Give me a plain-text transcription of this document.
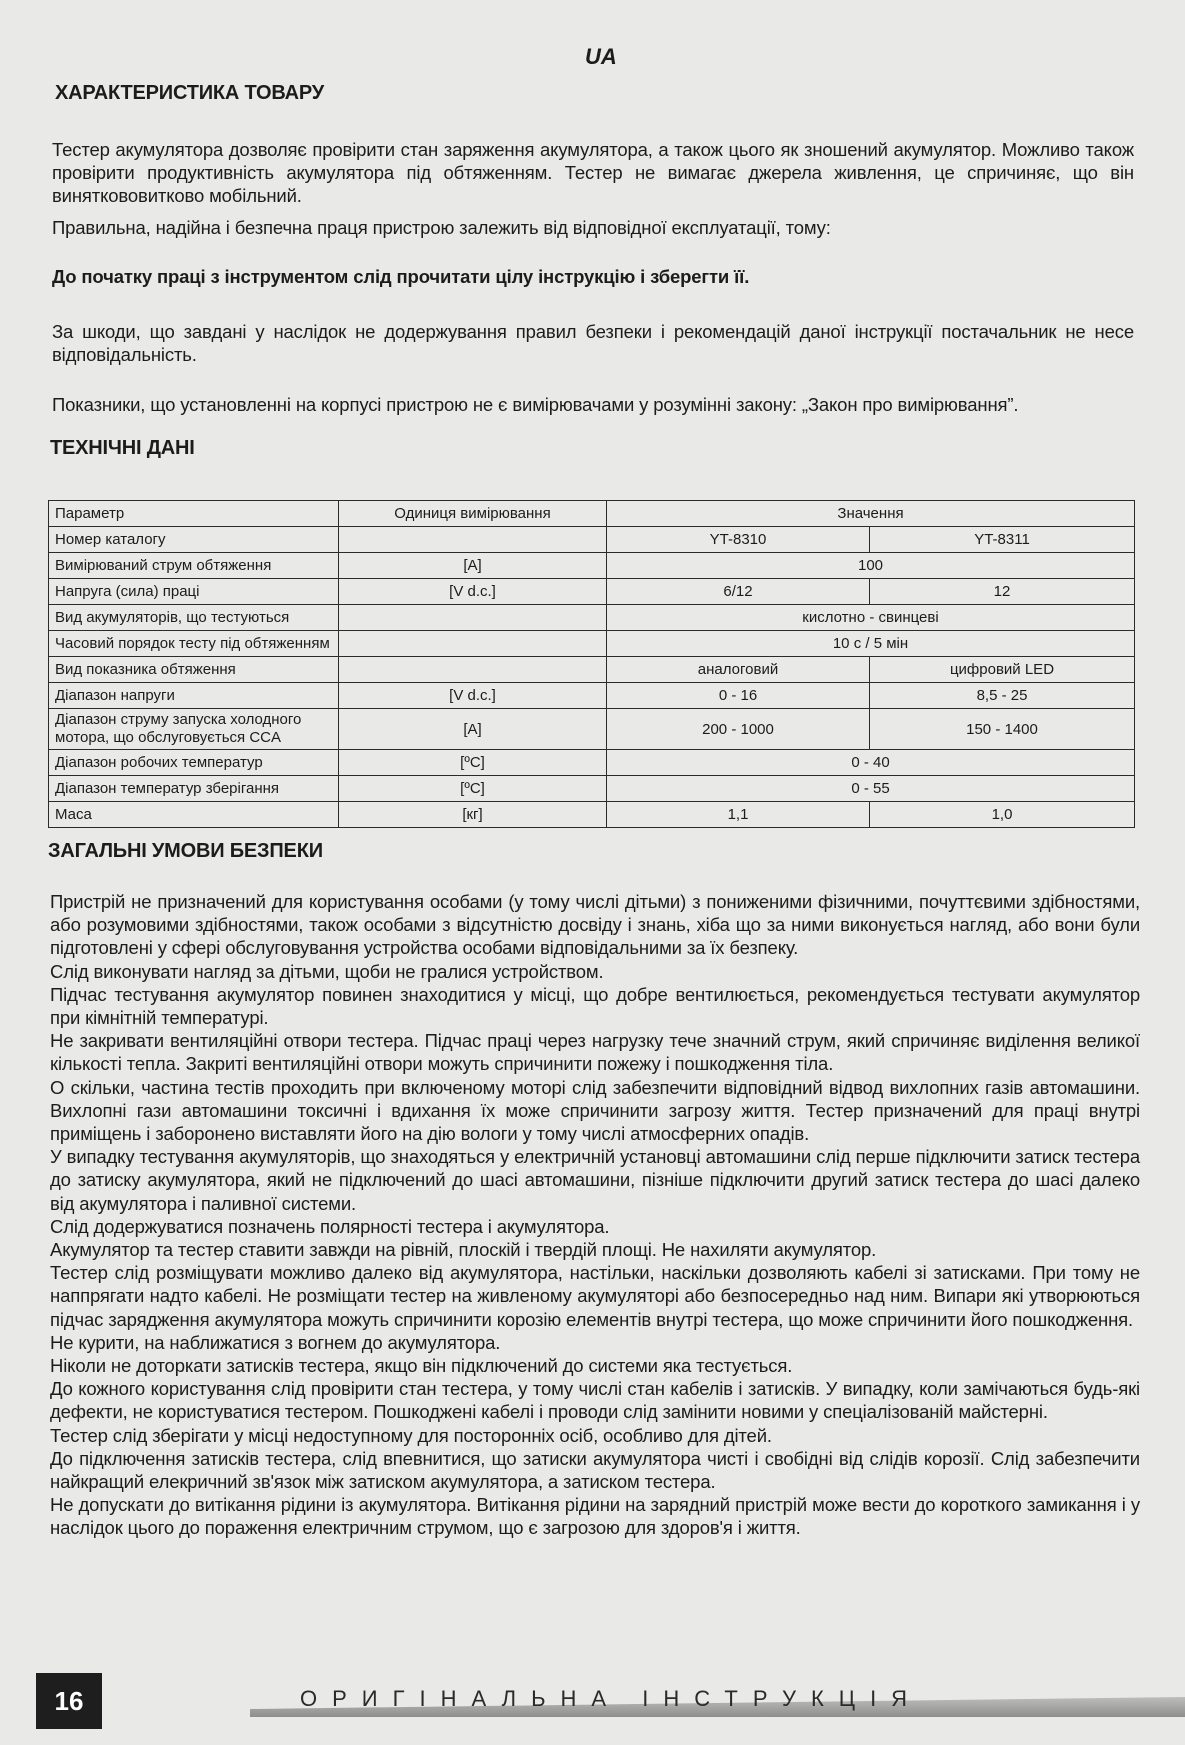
UA
ХАРАКТЕРИСТИКА ТОВАРУ

Тестер акумулятора дозволяє провірити стан заряження акумулятора, а також цього як зношений акумулятор. Можливо також провірити продуктивність акумулятора під обтяженням. Тестер не вимагає джерела живлення, це спричиняє, що він виняткововитково мобільний.

Правильна, надійна і безпечна праця пристрою залежить від відповідної експлуатації, тому:

До початку праці з інструментом слід прочитати цілу інструкцію і зберегти її.

За шкоди, що завдані у наслідок не додержування правил безпеки і рекомендацій даної інструкції постачальник не несе відповідальність.

Показники, що установленні на корпусі пристрою не є вимірювачами у розумінні закону: „Закон про вимірювання”.

ТЕХНІЧНІ ДАНІ
Параметр	Одиниця вимірювання	Значення	
Номер каталогу		YT-8310	YT-8311
Вимірюваний струм обтяження	[A]	100	
Напруга (сила) праці	[V d.c.]	6/12	12
Вид акумуляторів, що тестуються		кислотно - свинцеві	
Часовий порядок тесту під обтяженням		10 с / 5 мін	
Вид показника обтяження		аналоговий	цифровий LED
Діапазон напруги	[V d.c.]	0 - 16	8,5 - 25
Діапазон струму запуска холодного мотора, що обслуговується CCA	[A]	200 - 1000	150 - 1400
Діапазон робочих температур	[ºC]	0 - 40	
Діапазон температур зберігання	[ºC]	0 - 55	
Маса	[кг]	1,1	1,0
ЗАГАЛЬНІ УМОВИ БЕЗПЕКИ

Пристрій не призначений для користування особами (у тому числі дітьми) з пониженими фізичними, почуттєвими здібностями, або розумовими здібностями, також особами з відсутністю досвіду і знань, хіба що за ними виконується нагляд, або вони були підготовлені у сфері обслуговування устройства особами відповідальними за їх безпеку.

Слід виконувати нагляд за дітьми, щоби не гралися устройством.

Підчас тестування акумулятор повинен знаходитися у місці, що добре вентилюється, рекомендується тестувати акумулятор при кімнітній температурі.

Не закривати вентиляційні отвори тестера. Підчас праці через нагрузку тече значний струм, який спричиняє виділення великої кількості тепла. Закриті вентиляційні отвори можуть спричинити пожежу і пошкодження тіла.

О скільки, частина тестів проходить при включеному моторі слід забезпечити відповідний відвод вихлопних газів автомашини. Вихлопні гази автомашини токсичні і вдихання їх може спричинити загрозу життя. Тестер призначений для праці внутрі приміщень і заборонено виставляти його на дію вологи у тому числі атмосферних опадів.

У випадку тестування акумуляторів, що знаходяться у електричній установці автомашини слід перше підключити затиск тестера до затиску акумулятора, який не підключений до шасі автомашини, пізніше підключити другий затиск тестера до шасі далеко від акумулятора і паливної системи.

Слід додержуватися позначень полярності тестера і акумулятора.

Акумулятор та тестер ставити завжди на рівній, плоскій і твердій площі. Не нахиляти акумулятор.

Тестер слід розміщувати можливо далеко від акумулятора, настільки, наскільки дозволяють кабелі зі затисками. При тому не наппрягати надто кабелі. Не розміщати тестер на живленому акумуляторі або безпосередньо над ним. Випари які утворюються підчас зарядження акумулятора можуть спричинити корозію елементів внутрі тестера, що може спричинити його пошкодження.

Не курити, на наближатися з вогнем до акумулятора.

Ніколи не доторкати затисків тестера, якщо він підключений до системи яка тестується.

До кожного користування слід провірити стан тестера, у тому числі стан кабелів і затисків. У випадку, коли замічаються будь-які дефекти, не користуватися тестером. Пошкоджені кабелі і проводи слід замінити новими у спеціалізованій майстерні.

Тестер слід зберігати у місці недоступному для посторонніх осіб, особливо для дітей.

До підключення затисків тестера, слід впевнитися, що затиски акумулятора чисті і свобідні від слідів корозії. Слід забезпечити найкращий елекричний зв'язок між затиском акумулятора, а затиском тестера.

Не допускати до витікання рідини із акумулятора. Витікання рідини на зарядний пристрій може вести до короткого замикання і у наслідок цього до пораження електричним струмом, що є загрозою для здоров'я і життя.

16	ОРИГІНАЛЬНА ІНСТРУКЦІЯ
